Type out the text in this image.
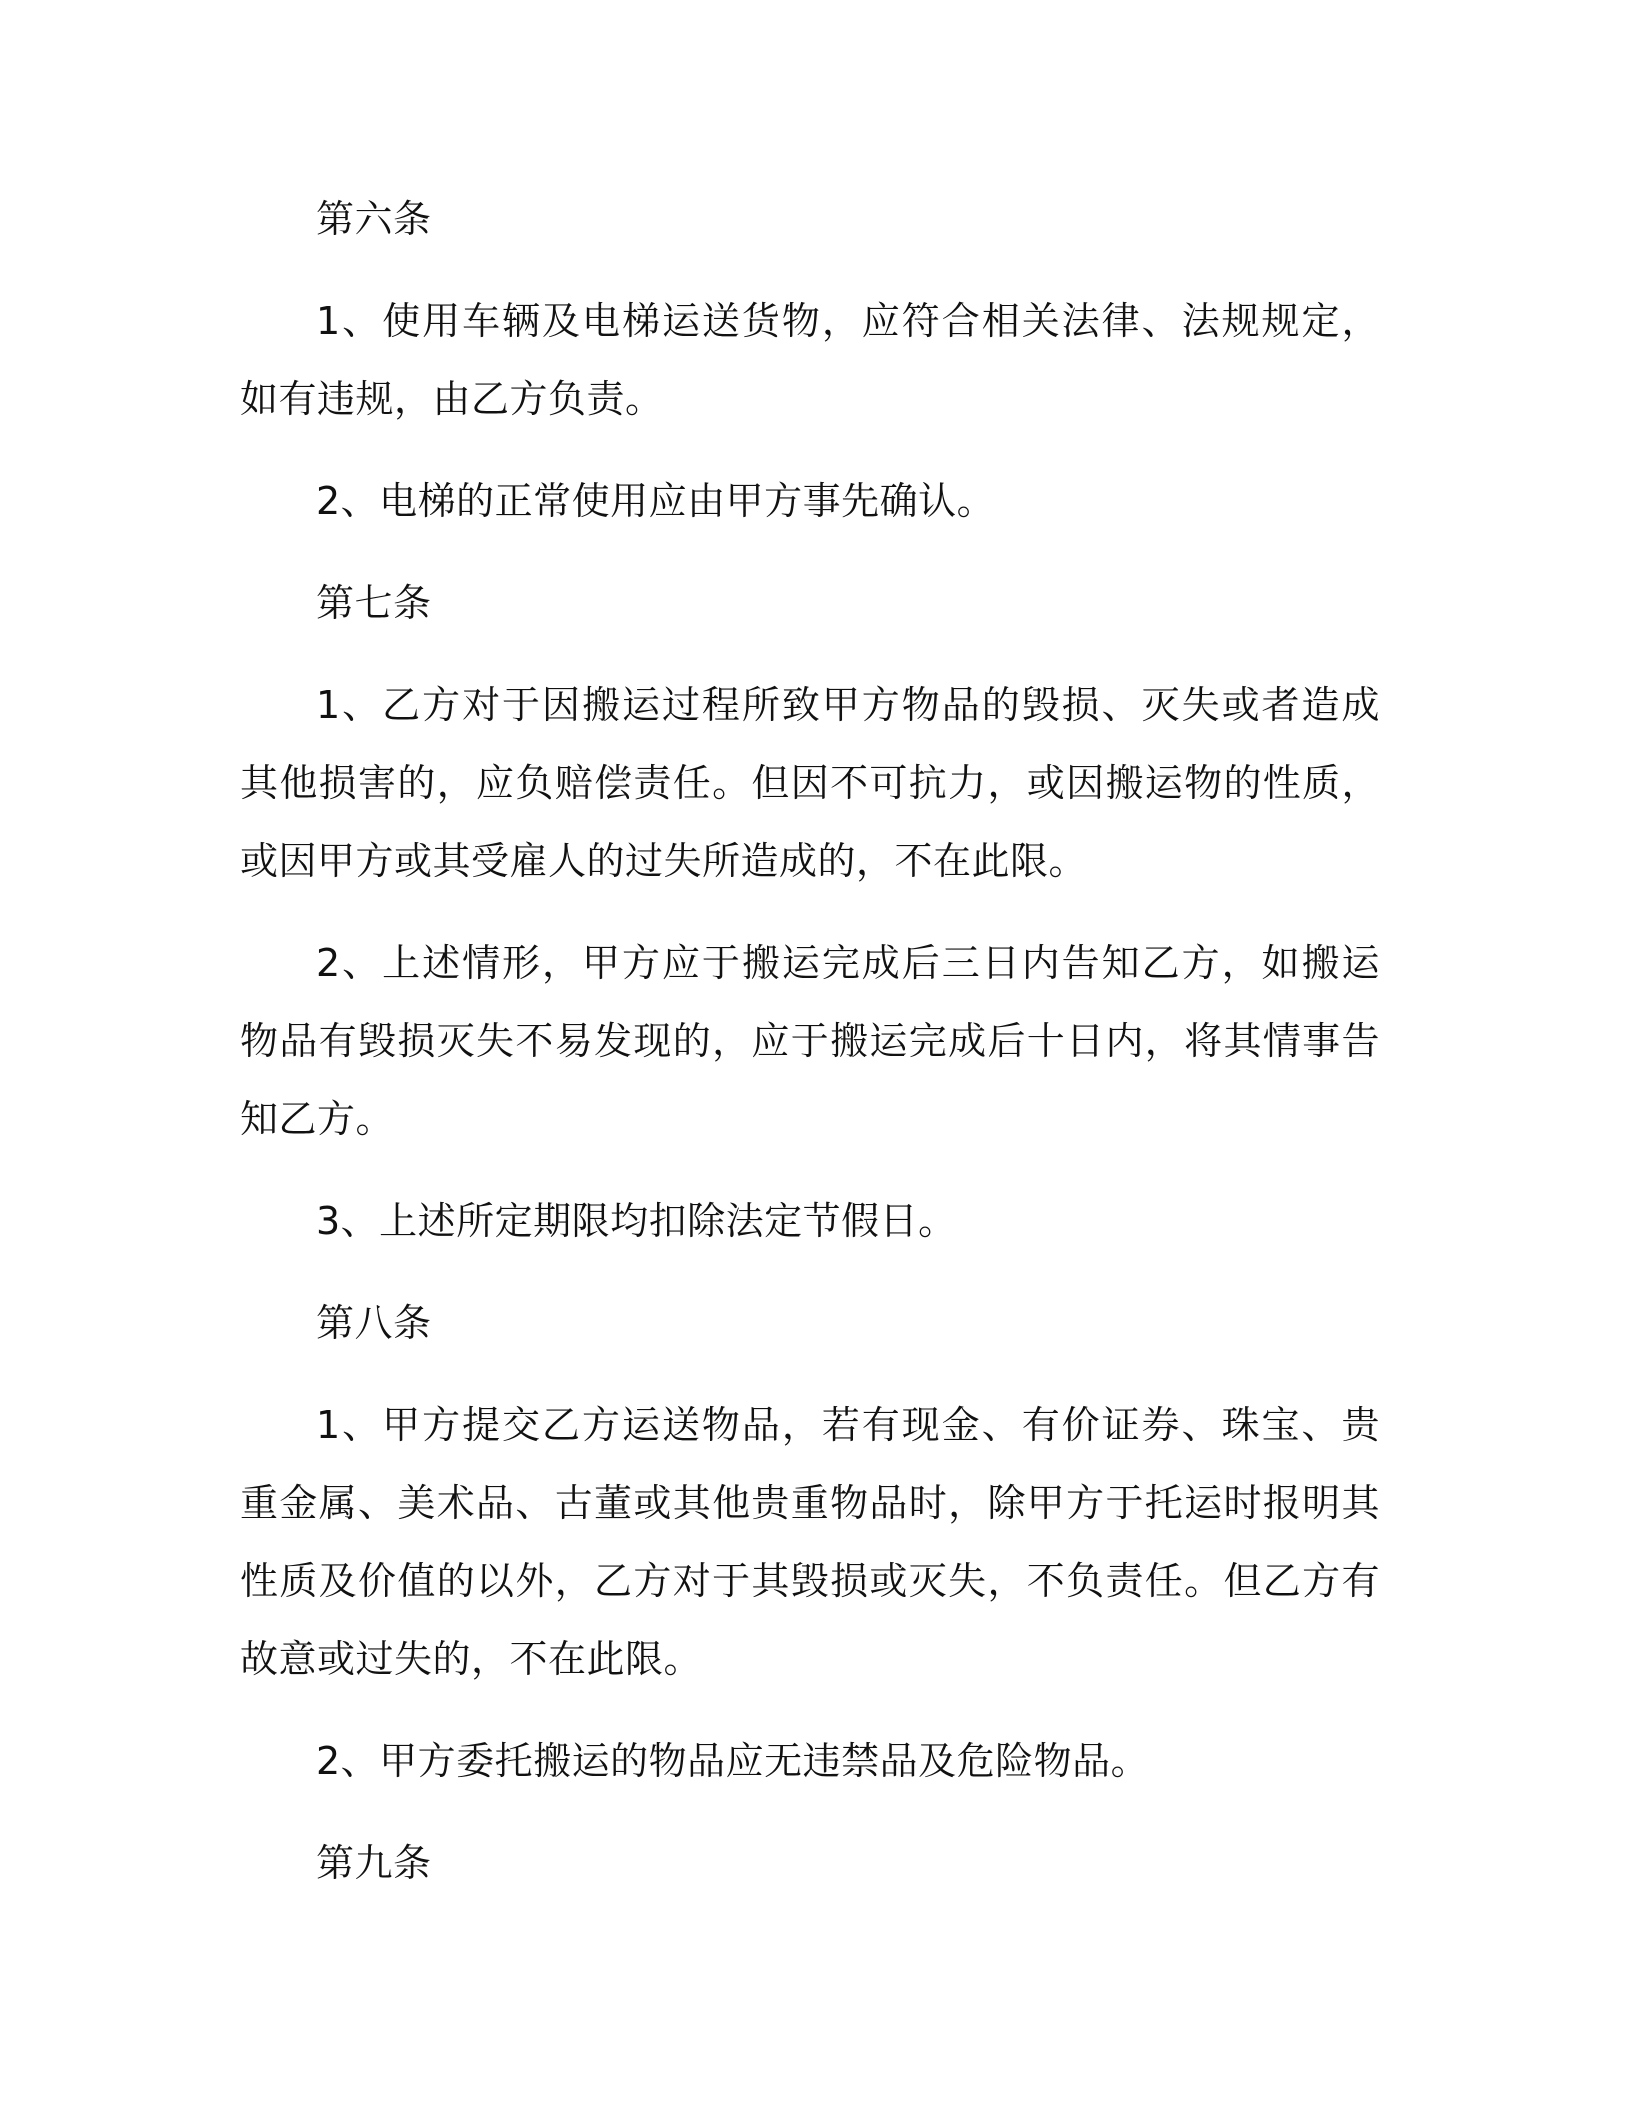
第六条

1、使用车辆及电梯运送货物，应符合相关法律、法规规定，如有违规，由乙方负责。

2、电梯的正常使用应由甲方事先确认。

第七条

1、乙方对于因搬运过程所致甲方物品的毁损、灭失或者造成其他损害的，应负赔偿责任。但因不可抗力，或因搬运物的性质，或因甲方或其受雇人的过失所造成的，不在此限。

2、上述情形，甲方应于搬运完成后三日内告知乙方，如搬运物品有毁损灭失不易发现的，应于搬运完成后十日内，将其情事告知乙方。

3、上述所定期限均扣除法定节假日。

第八条

1、甲方提交乙方运送物品，若有现金、有价证券、珠宝、贵重金属、美术品、古董或其他贵重物品时，除甲方于托运时报明其性质及价值的以外，乙方对于其毁损或灭失，不负责任。但乙方有故意或过失的，不在此限。

2、甲方委托搬运的物品应无违禁品及危险物品。

第九条
